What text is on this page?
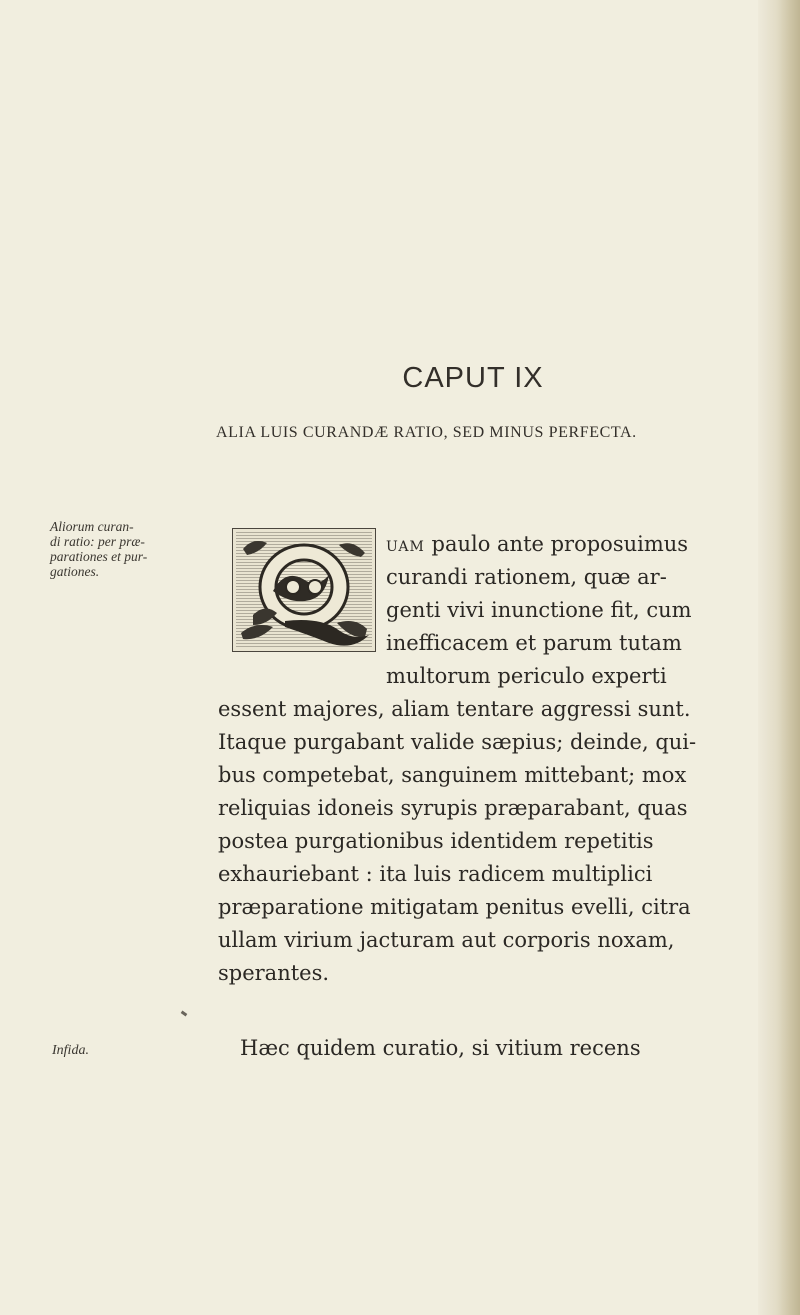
CAPUT IX
ALIA LUIS CURANDÆ RATIO, SED MINUS PERFECTA.
Aliorum curan-
di ratio: per præ-
parationes et pur-
gationes.
Infida.
UAM paulo ante proposuimus
curandi rationem, quæ ar-
genti vivi inunctione fit, cum
inefficacem et parum tutam
multorum periculo experti
essent majores, aliam tentare aggressi sunt.
Itaque purgabant valide sæpius; deinde, qui-
bus competebat, sanguinem mittebant; mox
reliquias idoneis syrupis præparabant, quas
postea purgationibus identidem repetitis
exhauriebant : ita luis radicem multiplici
præparatione mitigatam penitus evelli, citra
ullam virium jacturam aut corporis noxam,
sperantes.
Hæc quidem curatio, si vitium recens
